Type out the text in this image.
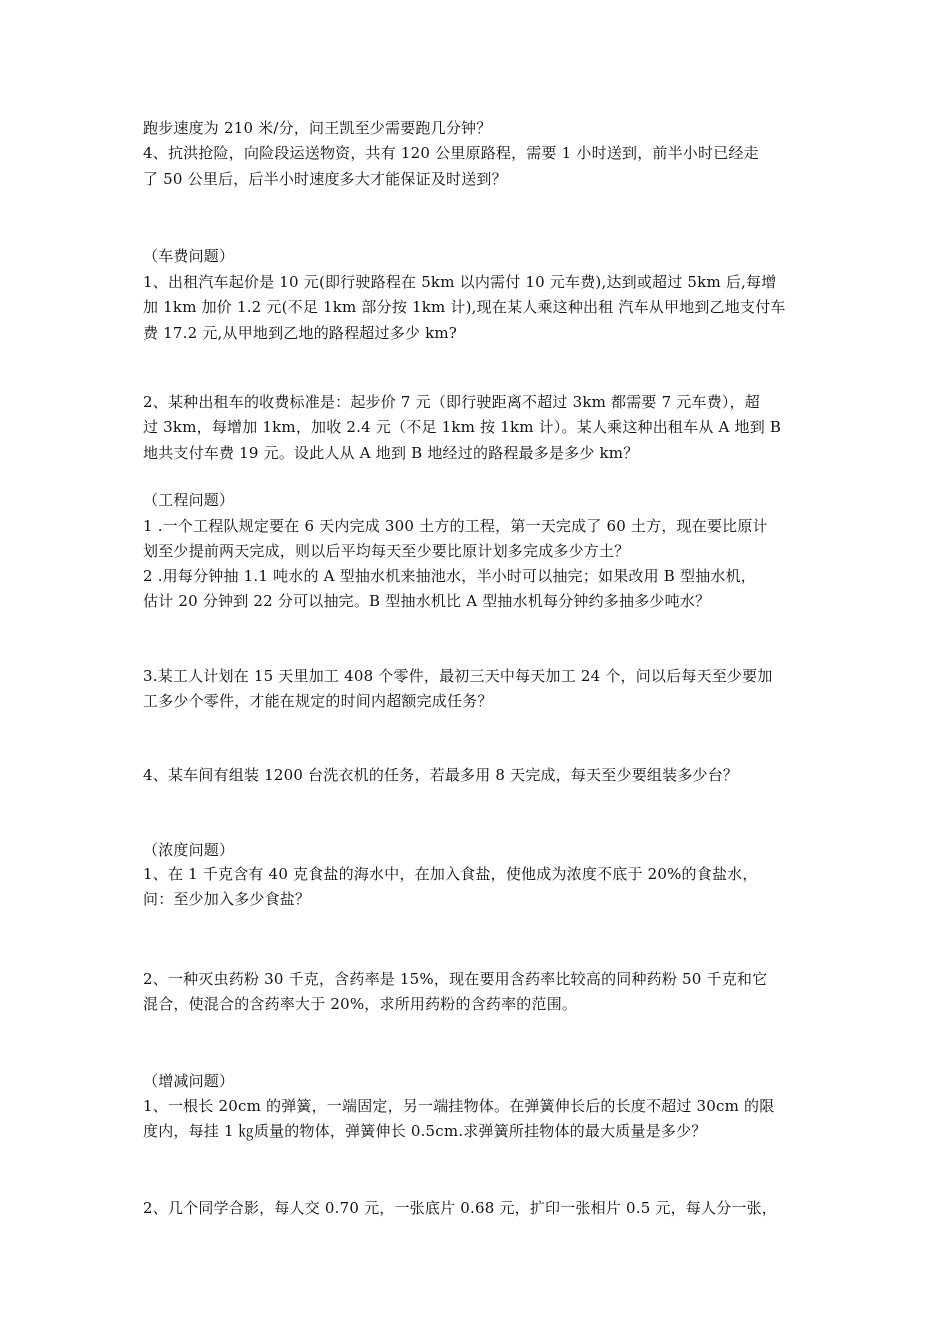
跑步速度为 210 米/分，问王凯至少需要跑几分钟？
4、抗洪抢险，向险段运送物资，共有 120 公里原路程，需要 1 小时送到，前半小时已经走
了 50 公里后，后半小时速度多大才能保证及时送到？
（车费问题）
1、出租汽车起价是 10 元(即行驶路程在 5km 以内需付 10 元车费),达到或超过 5km 后,每增
加 1km 加价 1.2 元(不足 1km 部分按 1km 计),现在某人乘这种出租 汽车从甲地到乙地支付车
费 17.2 元,从甲地到乙地的路程超过多少 km?
2、某种出租车的收费标准是：起步价 7 元（即行驶距离不超过 3km 都需要 7 元车费），超
过 3km，每增加 1km，加收 2.4 元（不足 1km 按 1km 计）。某人乘这种出租车从 A 地到 B
地共支付车费 19 元。设此人从 A 地到 B 地经过的路程最多是多少 km？
（工程问题）
1 .一个工程队规定要在 6 天内完成 300 土方的工程，第一天完成了 60 土方，现在要比原计
划至少提前两天完成，则以后平均每天至少要比原计划多完成多少方土？
2 .用每分钟抽 1.1 吨水的 A 型抽水机来抽池水，半小时可以抽完；如果改用 B 型抽水机，
估计 20 分钟到 22 分可以抽完。B 型抽水机比 A 型抽水机每分钟约多抽多少吨水？
3.某工人计划在 15 天里加工 408 个零件，最初三天中每天加工 24 个，问以后每天至少要加
工多少个零件，才能在规定的时间内超额完成任务？
4、某车间有组装 1200 台洗衣机的任务，若最多用 8 天完成，每天至少要组装多少台？
（浓度问题）
1、在 1 千克含有 40 克食盐的海水中，在加入食盐，使他成为浓度不底于 20%的食盐水，
问：至少加入多少食盐？
2、一种灭虫药粉 30 千克，含药率是 15%，现在要用含药率比较高的同种药粉 50 千克和它
混合，使混合的含药率大于 20%，求所用药粉的含药率的范围。
（增减问题）
1、一根长 20cm 的弹簧，一端固定，另一端挂物体。在弹簧伸长后的长度不超过 30cm 的限
度内，每挂 1 ㎏质量的物体，弹簧伸长 0.5cm.求弹簧所挂物体的最大质量是多少？
2、几个同学合影，每人交 0.70 元，一张底片 0.68 元，扩印一张相片 0.5 元，每人分一张，
